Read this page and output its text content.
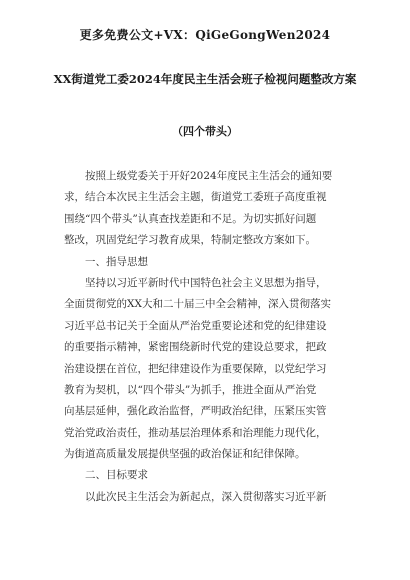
更多免费公文+VX：QiGeGongWen2024
XX街道党工委2024年度民主生活会班子检视问题整改方案
（四个带头）
按照上级党委关于开好2024年度民主生活会的通知要
求，结合本次民主生活会主题，街道党工委班子高度重视
围绕“四个带头”认真查找差距和不足。为切实抓好问题
整改，巩固党纪学习教育成果，特制定整改方案如下。
一、指导思想
坚持以习近平新时代中国特色社会主义思想为指导，
全面贯彻党的XX大和二十届三中全会精神，深入贯彻落实
习近平总书记关于全面从严治党重要论述和党的纪律建设
的重要指示精神，紧密围绕新时代党的建设总要求，把政
治建设摆在首位，把纪律建设作为重要保障，以党纪学习
教育为契机，以“四个带头”为抓手，推进全面从严治党
向基层延伸，强化政治监督，严明政治纪律，压紧压实管
党治党政治责任，推动基层治理体系和治理能力现代化，
为街道高质量发展提供坚强的政治保证和纪律保障。
二、目标要求
以此次民主生活会为新起点，深入贯彻落实习近平新
